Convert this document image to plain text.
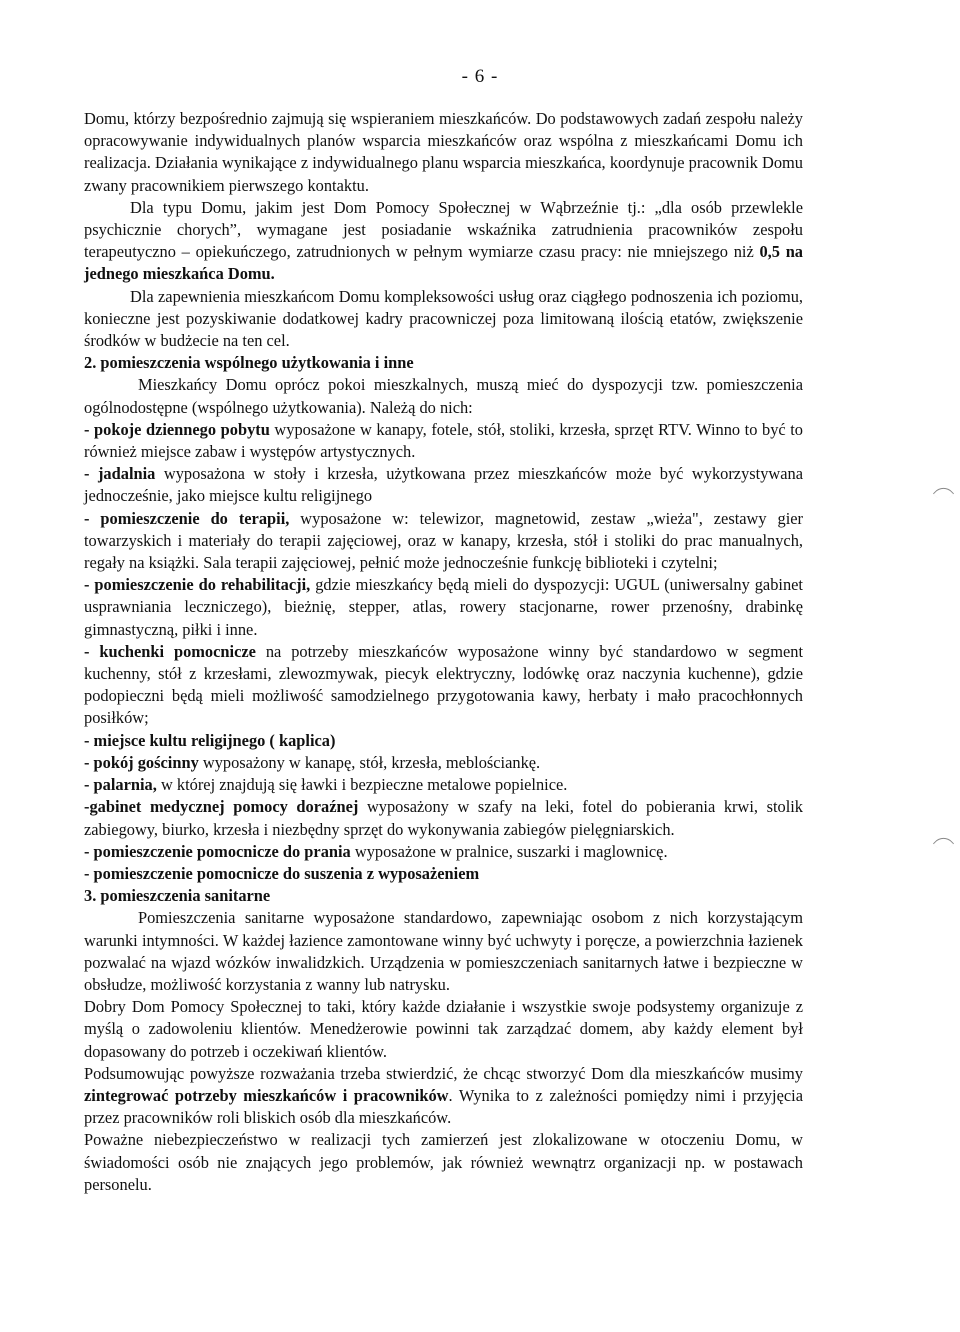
- 6 -

Domu, którzy bezpośrednio zajmują się wspieraniem mieszkańców. Do podstawowych zadań zespołu należy opracowywanie indywidualnych planów wsparcia mieszkańców oraz wspólna z mieszkańcami Domu ich realizacja. Działania wynikające z indywidualnego planu wsparcia mieszkańca, koordynuje pracownik Domu zwany pracownikiem pierwszego kontaktu.

Dla typu Domu, jakim jest Dom Pomocy Społecznej w Wąbrzeźnie tj.: „dla osób przewlekle psychicznie chorych”, wymagane jest posiadanie wskaźnika zatrudnienia pracowników zespołu terapeutyczno – opiekuńczego, zatrudnionych w pełnym wymiarze czasu pracy: nie mniejszego niż 0,5 na jednego mieszkańca Domu.

Dla zapewnienia mieszkańcom Domu kompleksowości usług oraz ciągłego podnoszenia ich poziomu, konieczne jest pozyskiwanie dodatkowej kadry pracowniczej poza limitowaną ilością etatów, zwiększenie środków w budżecie na ten cel.

2. pomieszczenia wspólnego użytkowania i inne

Mieszkańcy Domu oprócz pokoi mieszkalnych, muszą mieć do dyspozycji tzw. pomieszczenia ogólnodostępne (wspólnego użytkowania). Należą do nich:

- pokoje dziennego pobytu wyposażone w kanapy, fotele, stół, stoliki, krzesła, sprzęt RTV. Winno to być to również miejsce zabaw i występów artystycznych.

- jadalnia wyposażona w stoły i krzesła, użytkowana przez mieszkańców może być wykorzystywana jednocześnie, jako miejsce kultu religijnego

- pomieszczenie do terapii, wyposażone w: telewizor, magnetowid, zestaw „wieża", zestawy gier towarzyskich i materiały do terapii zajęciowej, oraz w kanapy, krzesła, stół i stoliki do prac manualnych, regały na książki. Sala terapii zajęciowej, pełnić może jednocześnie funkcję biblioteki i czytelni;

- pomieszczenie do rehabilitacji, gdzie mieszkańcy będą mieli do dyspozycji: UGUL (uniwersalny gabinet usprawniania leczniczego), bieżnię, stepper, atlas, rowery stacjonarne, rower przenośny, drabinkę gimnastyczną, piłki i inne.

- kuchenki pomocnicze na potrzeby mieszkańców wyposażone winny być standardowo w segment kuchenny, stół z krzesłami, zlewozmywak, piecyk elektryczny, lodówkę oraz naczynia kuchenne), gdzie podopieczni będą mieli możliwość samodzielnego przygotowania kawy, herbaty i mało pracochłonnych posiłków;

- miejsce kultu religijnego ( kaplica)

- pokój gościnny wyposażony w kanapę, stół, krzesła, meblościankę.

- palarnia, w której znajdują się ławki i bezpieczne metalowe popielnice.

-gabinet medycznej pomocy doraźnej wyposażony w szafy na leki, fotel do pobierania krwi, stolik zabiegowy, biurko, krzesła i niezbędny sprzęt do wykonywania zabiegów pielęgniarskich.

- pomieszczenie pomocnicze do prania wyposażone w pralnice, suszarki i maglownicę.

- pomieszczenie pomocnicze do suszenia z wyposażeniem

3. pomieszczenia sanitarne

Pomieszczenia sanitarne wyposażone standardowo, zapewniając osobom z nich korzystającym warunki intymności. W każdej łazience zamontowane winny być uchwyty i poręcze, a powierzchnia łazienek pozwalać na wjazd wózków inwalidzkich. Urządzenia w pomieszczeniach sanitarnych łatwe i bezpieczne w obsłudze, możliwość korzystania z wanny lub natrysku.

Dobry Dom Pomocy Społecznej to taki, który każde działanie i wszystkie swoje podsystemy organizuje z myślą o zadowoleniu klientów. Menedżerowie powinni tak zarządzać domem, aby każdy element był dopasowany do potrzeb i oczekiwań klientów.

Podsumowując powyższe rozważania trzeba stwierdzić, że chcąc stworzyć Dom dla mieszkańców musimy zintegrować potrzeby mieszkańców i pracowników. Wynika to z zależności pomiędzy nimi i przyjęcia przez pracowników roli bliskich osób dla mieszkańców.

Poważne niebezpieczeństwo w realizacji tych zamierzeń jest zlokalizowane w otoczeniu Domu, w świadomości osób nie znających jego problemów, jak również wewnątrz organizacji np. w postawach personelu.
